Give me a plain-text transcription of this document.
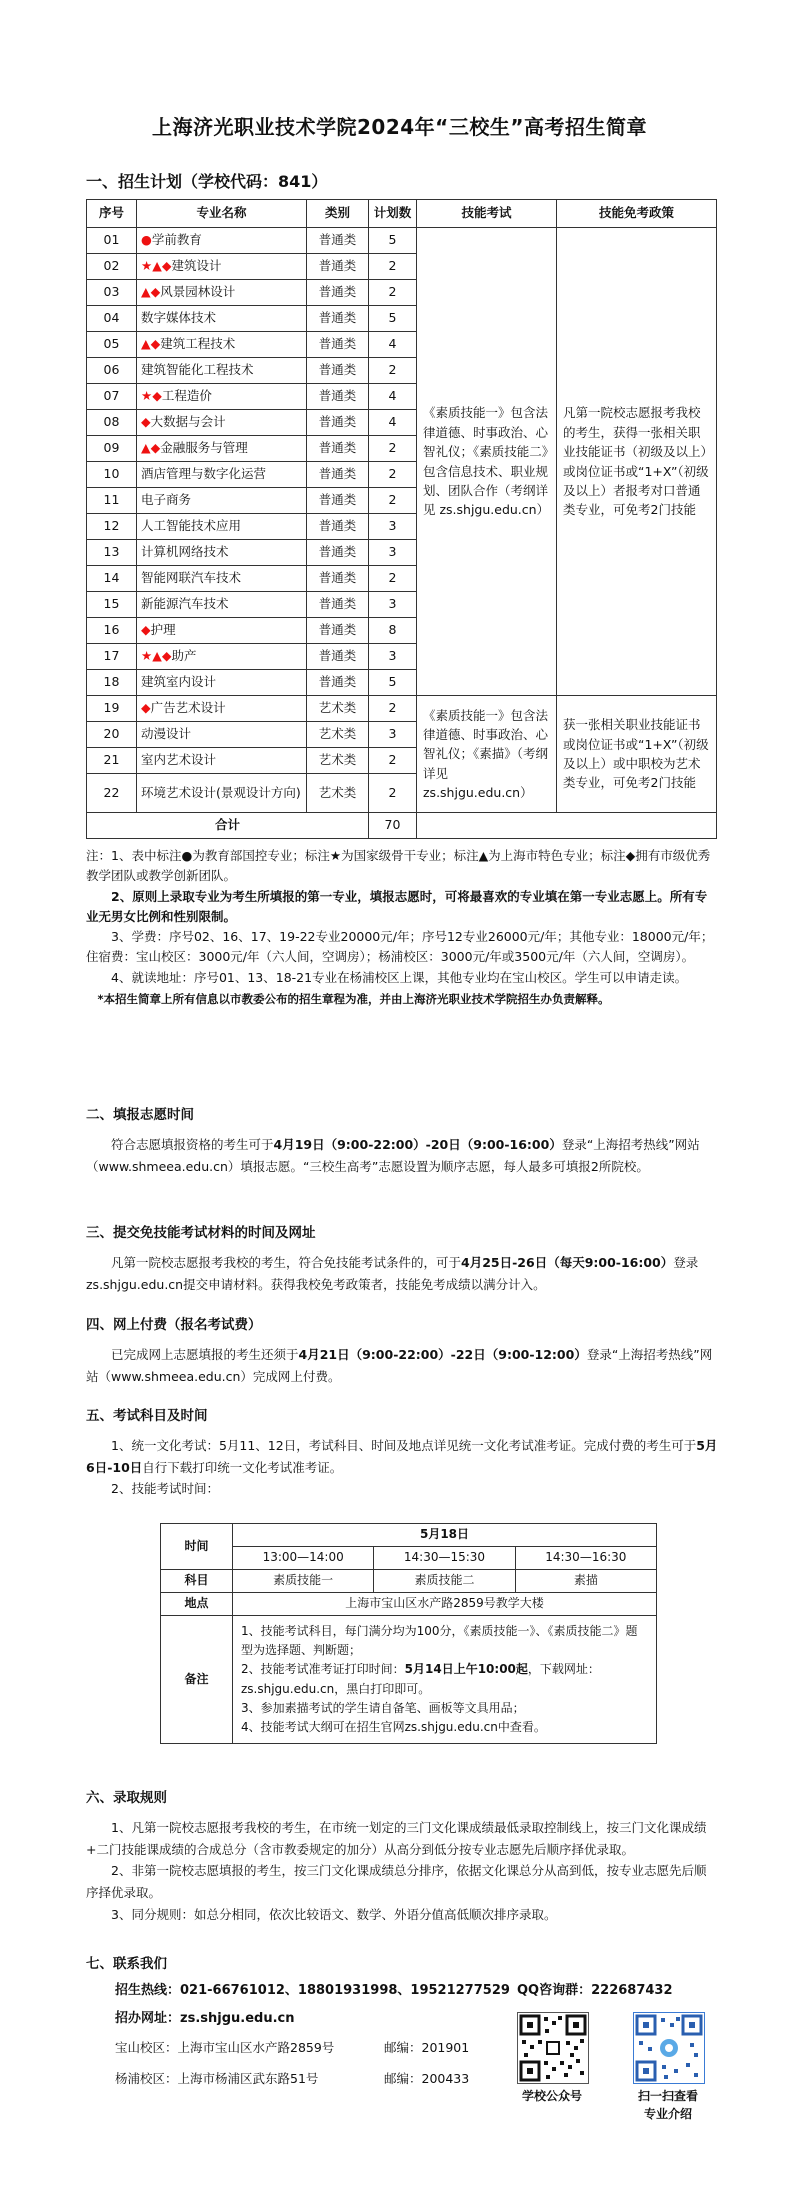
上海济光职业技术学院2024年“三校生”高考招生简章
一、招生计划（学校代码：841）
序号	专业名称	类别	计划数	技能考试	技能免考政策
01	●学前教育	普通类	5	《素质技能一》包含法律道德、时事政治、心智礼仪；《素质技能二》包含信息技术、职业规划、团队合作（考纲详见 zs.shjgu.edu.cn）	凡第一院校志愿报考我校的考生，获得一张相关职业技能证书（初级及以上）或岗位证书或“1+X”（初级及以上）者报考对口普通类专业，可免考2门技能
02	★▲◆建筑设计	普通类	2		
03	▲◆风景园林设计	普通类	2		
04	数字媒体技术	普通类	5		
05	▲◆建筑工程技术	普通类	4		
06	建筑智能化工程技术	普通类	2		
07	★◆工程造价	普通类	4		
08	◆大数据与会计	普通类	4		
09	▲◆金融服务与管理	普通类	2		
10	酒店管理与数字化运营	普通类	2		
11	电子商务	普通类	2		
12	人工智能技术应用	普通类	3		
13	计算机网络技术	普通类	3		
14	智能网联汽车技术	普通类	2		
15	新能源汽车技术	普通类	3		
16	◆护理	普通类	8		
17	★▲◆助产	普通类	3		
18	建筑室内设计	普通类	5		
19	◆广告艺术设计	艺术类	2	《素质技能一》包含法律道德、时事政治、心智礼仪；《素描》（考纲详见 zs.shjgu.edu.cn）	获一张相关职业技能证书或岗位证书或“1+X”（初级及以上）或中职校为艺术类专业，可免考2门技能
20	动漫设计	艺术类	3		
21	室内艺术设计	艺术类	2		
22	环境艺术设计(景观设计方向)	艺术类	2		
合计			70		

注：1、表中标注●为教育部国控专业；标注★为国家级骨干专业；标注▲为上海市特色专业；标注◆拥有市级优秀教学团队或教学创新团队。

2、原则上录取专业为考生所填报的第一专业，填报志愿时，可将最喜欢的专业填在第一专业志愿上。所有专业无男女比例和性别限制。

3、学费：序号02、16、17、19-22专业20000元/年；序号12专业26000元/年；其他专业：18000元/年；住宿费：宝山校区：3000元/年（六人间，空调房）；杨浦校区：3000元/年或3500元/年（六人间，空调房）。

4、就读地址：序号01、13、18-21专业在杨浦校区上课，其他专业均在宝山校区。学生可以申请走读。

*本招生简章上所有信息以市教委公布的招生章程为准，并由上海济光职业技术学院招生办负责解释。

二、填报志愿时间

符合志愿填报资格的考生可于4月19日（9:00-22:00）-20日（9:00-16:00）登录“上海招考热线”网站（www.shmeea.edu.cn）填报志愿。“三校生高考”志愿设置为顺序志愿，每人最多可填报2所院校。

三、提交免技能考试材料的时间及网址

凡第一院校志愿报考我校的考生，符合免技能考试条件的，可于4月25日-26日（每天9:00-16:00）登录zs.shjgu.edu.cn提交申请材料。获得我校免考政策者，技能免考成绩以满分计入。

四、网上付费（报名考试费）

已完成网上志愿填报的考生还须于4月21日（9:00-22:00）-22日（9:00-12:00）登录“上海招考热线”网站（www.shmeea.edu.cn）完成网上付费。

五、考试科目及时间

1、统一文化考试：5月11、12日，考试科目、时间及地点详见统一文化考试准考证。完成付费的考生可于5月6日-10日自行下载打印统一文化考试准考证。

2、技能考试时间：

时间	5月18日		
	13:00—14:00	14:30—15:30	14:30—16:30
科目	素质技能一	素质技能二	素描
地点	上海市宝山区水产路2859号教学大楼		
备注	1、技能考试科目，每门满分均为100分，《素质技能一》、《素质技能二》题型为选择题、判断题；
2、技能考试准考证打印时间：5月14日上午10:00起，下载网址：zs.shjgu.edu.cn，黑白打印即可。
3、参加素描考试的学生请自备笔、画板等文具用品；
4、技能考试大纲可在招生官网zs.shjgu.edu.cn中查看。		
六、录取规则

1、凡第一院校志愿报考我校的考生，在市统一划定的三门文化课成绩最低录取控制线上，按三门文化课成绩+二门技能课成绩的合成总分（含市教委规定的加分）从高分到低分按专业志愿先后顺序择优录取。

2、非第一院校志愿填报的考生，按三门文化课成绩总分排序，依据文化课总分从高到低，按专业志愿先后顺序择优录取。

3、同分规则：如总分相同，依次比较语文、数学、外语分值高低顺次排序录取。

七、联系我们
招生热线：021-66761012、18801931998、19521277529 QQ咨询群：222687432
招办网址：zs.shjgu.edu.cn
宝山校区：上海市宝山区水产路2859号	邮编：201901
杨浦校区：上海市杨浦区武东路51号	邮编：200433
学校公众号	扫一扫查看
专业介绍
